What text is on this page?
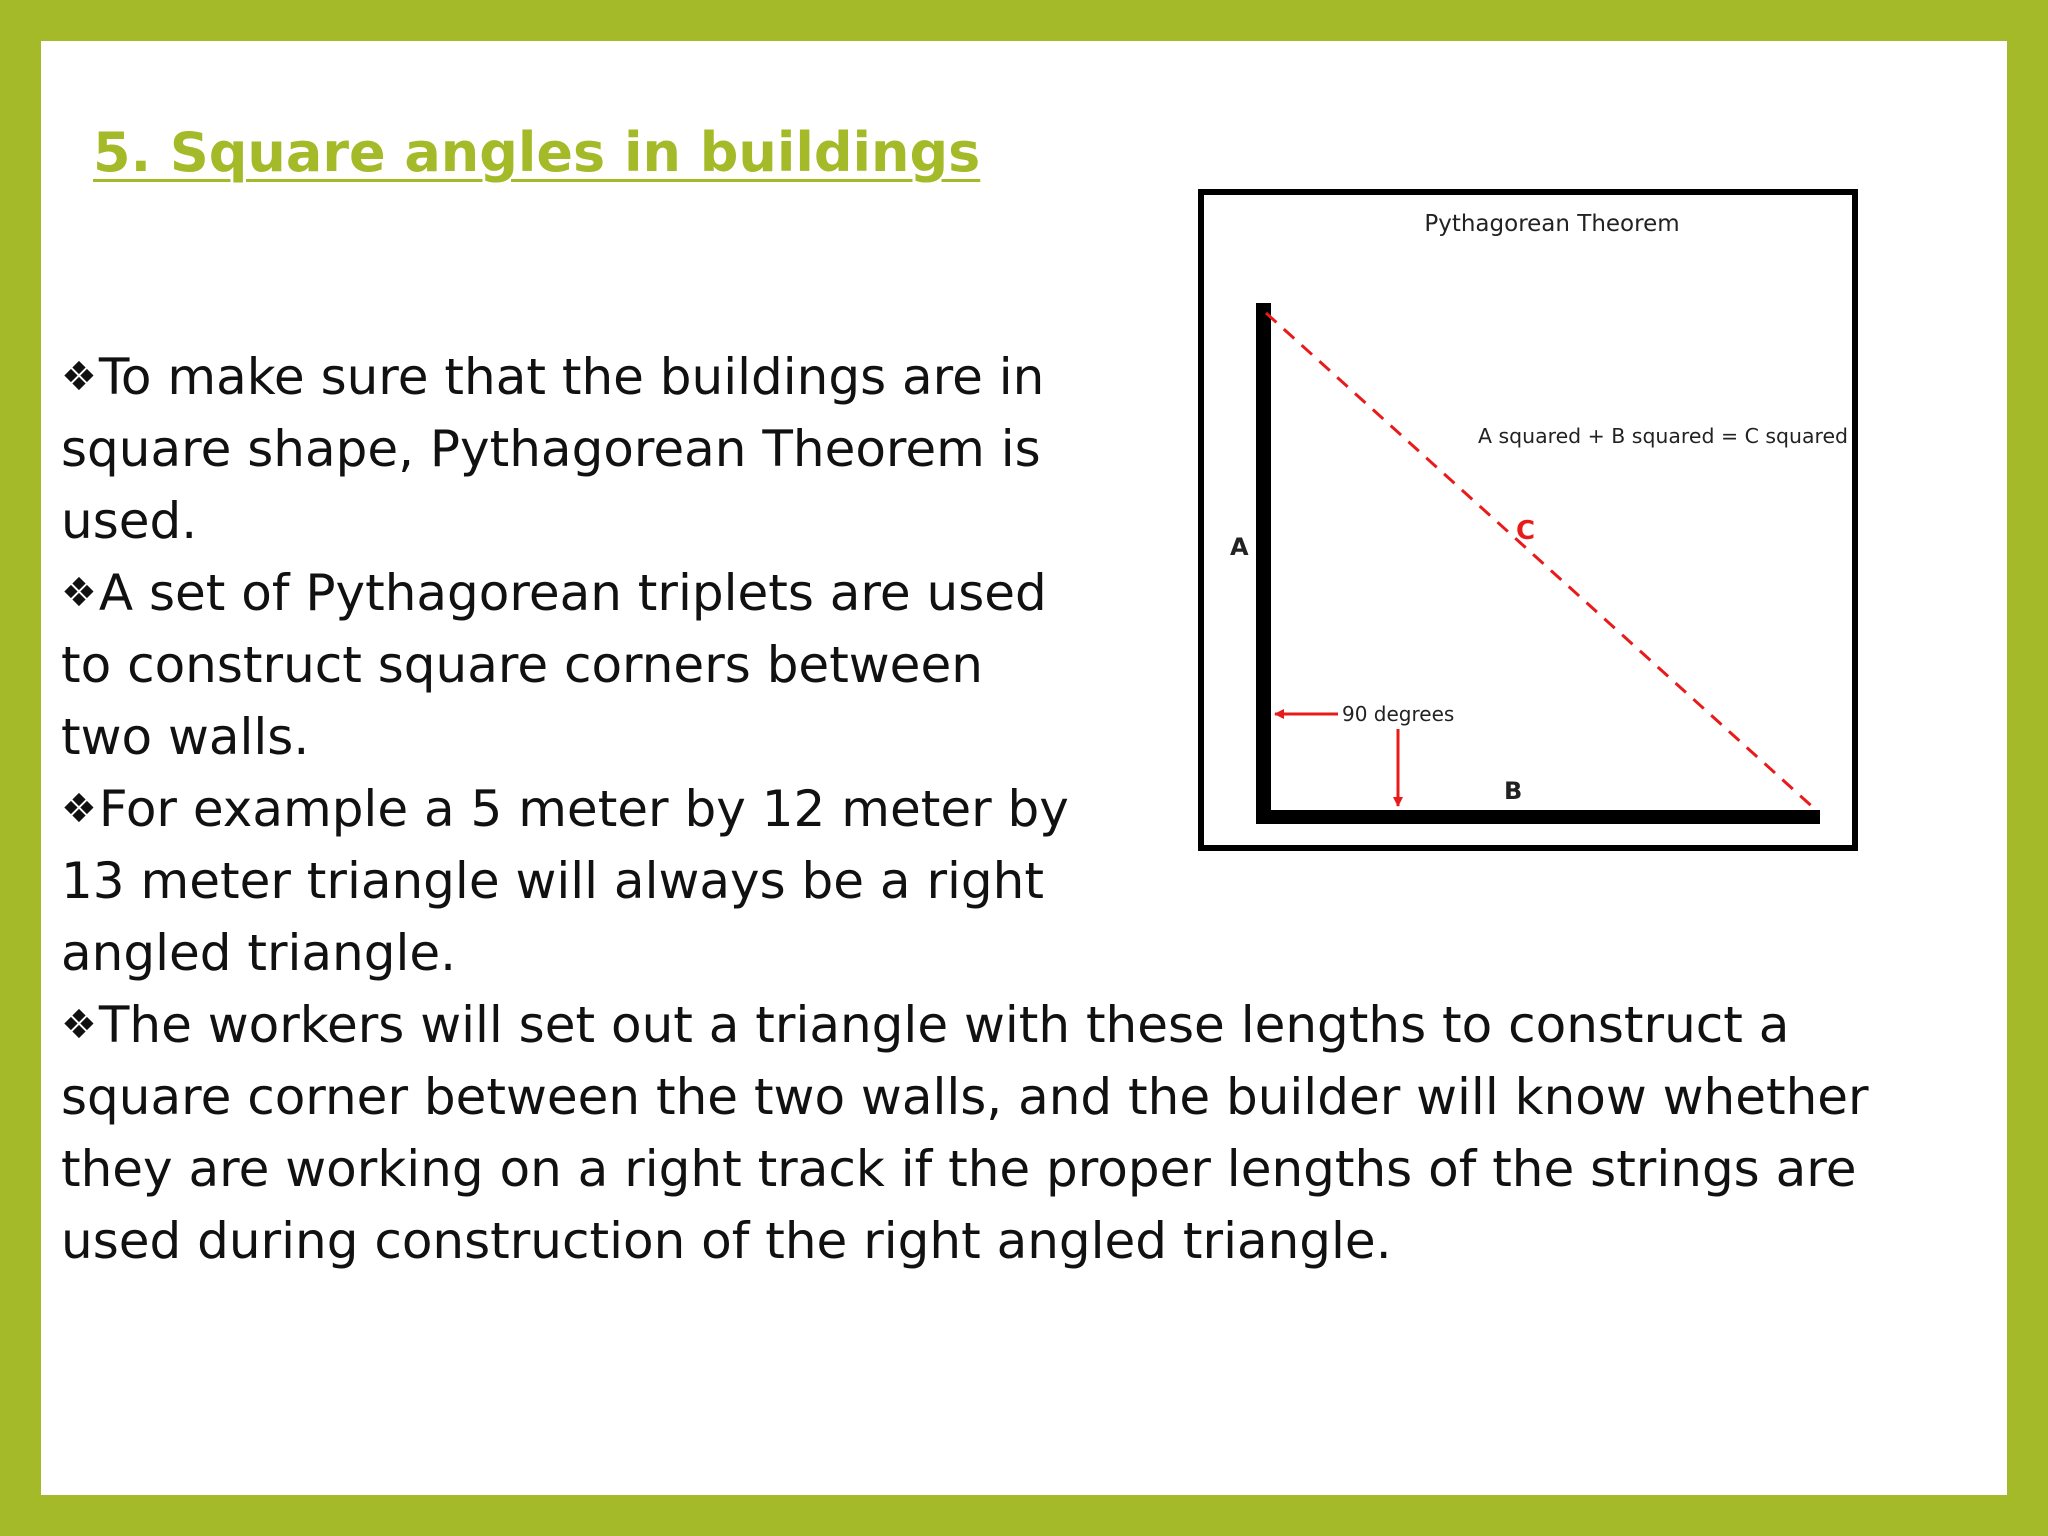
5. Square angles in buildings
❖To make sure that the buildings are in square shape, Pythagorean Theorem is used.
❖A set of Pythagorean triplets are used to construct square corners between two walls.
❖For example a 5 meter by 12 meter by 13 meter triangle will always be a right angled triangle.
❖The workers will set out a triangle with these lengths to construct a square corner between the two walls, and the builder will know whether they are working on a right track if the proper lengths of the strings are used during construction of the right angled triangle.
Pythagorean Theorem
A
B
C
A squared + B squared = C squared
90 degrees
